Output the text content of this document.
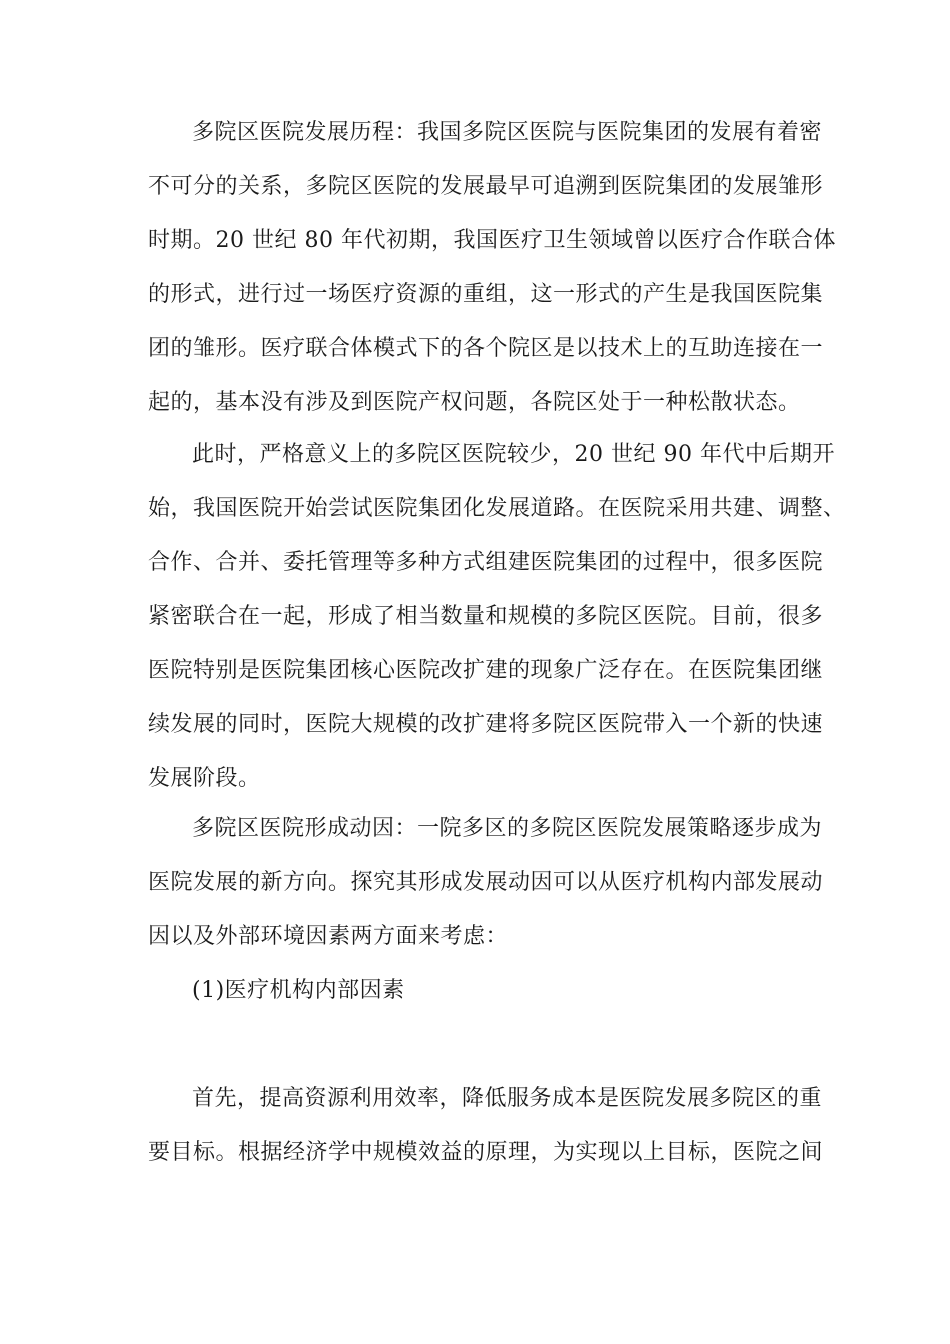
多院区医院发展历程：我国多院区医院与医院集团的发展有着密
不可分的关系，多院区医院的发展最早可追溯到医院集团的发展雏形
时期。20 世纪 80 年代初期，我国医疗卫生领域曾以医疗合作联合体
的形式，进行过一场医疗资源的重组，这一形式的产生是我国医院集
团的雏形。医疗联合体模式下的各个院区是以技术上的互助连接在一
起的，基本没有涉及到医院产权问题，各院区处于一种松散状态。

此时，严格意义上的多院区医院较少，20 世纪 90 年代中后期开
始，我国医院开始尝试医院集团化发展道路。在医院采用共建、调整、
合作、合并、委托管理等多种方式组建医院集团的过程中，很多医院
紧密联合在一起，形成了相当数量和规模的多院区医院。目前，很多
医院特别是医院集团核心医院改扩建的现象广泛存在。在医院集团继
续发展的同时，医院大规模的改扩建将多院区医院带入一个新的快速
发展阶段。

多院区医院形成动因：一院多区的多院区医院发展策略逐步成为
医院发展的新方向。探究其形成发展动因可以从医疗机构内部发展动
因以及外部环境因素两方面来考虑：

(1)医疗机构内部因素

首先，提高资源利用效率，降低服务成本是医院发展多院区的重
要目标。根据经济学中规模效益的原理，为实现以上目标，医院之间
